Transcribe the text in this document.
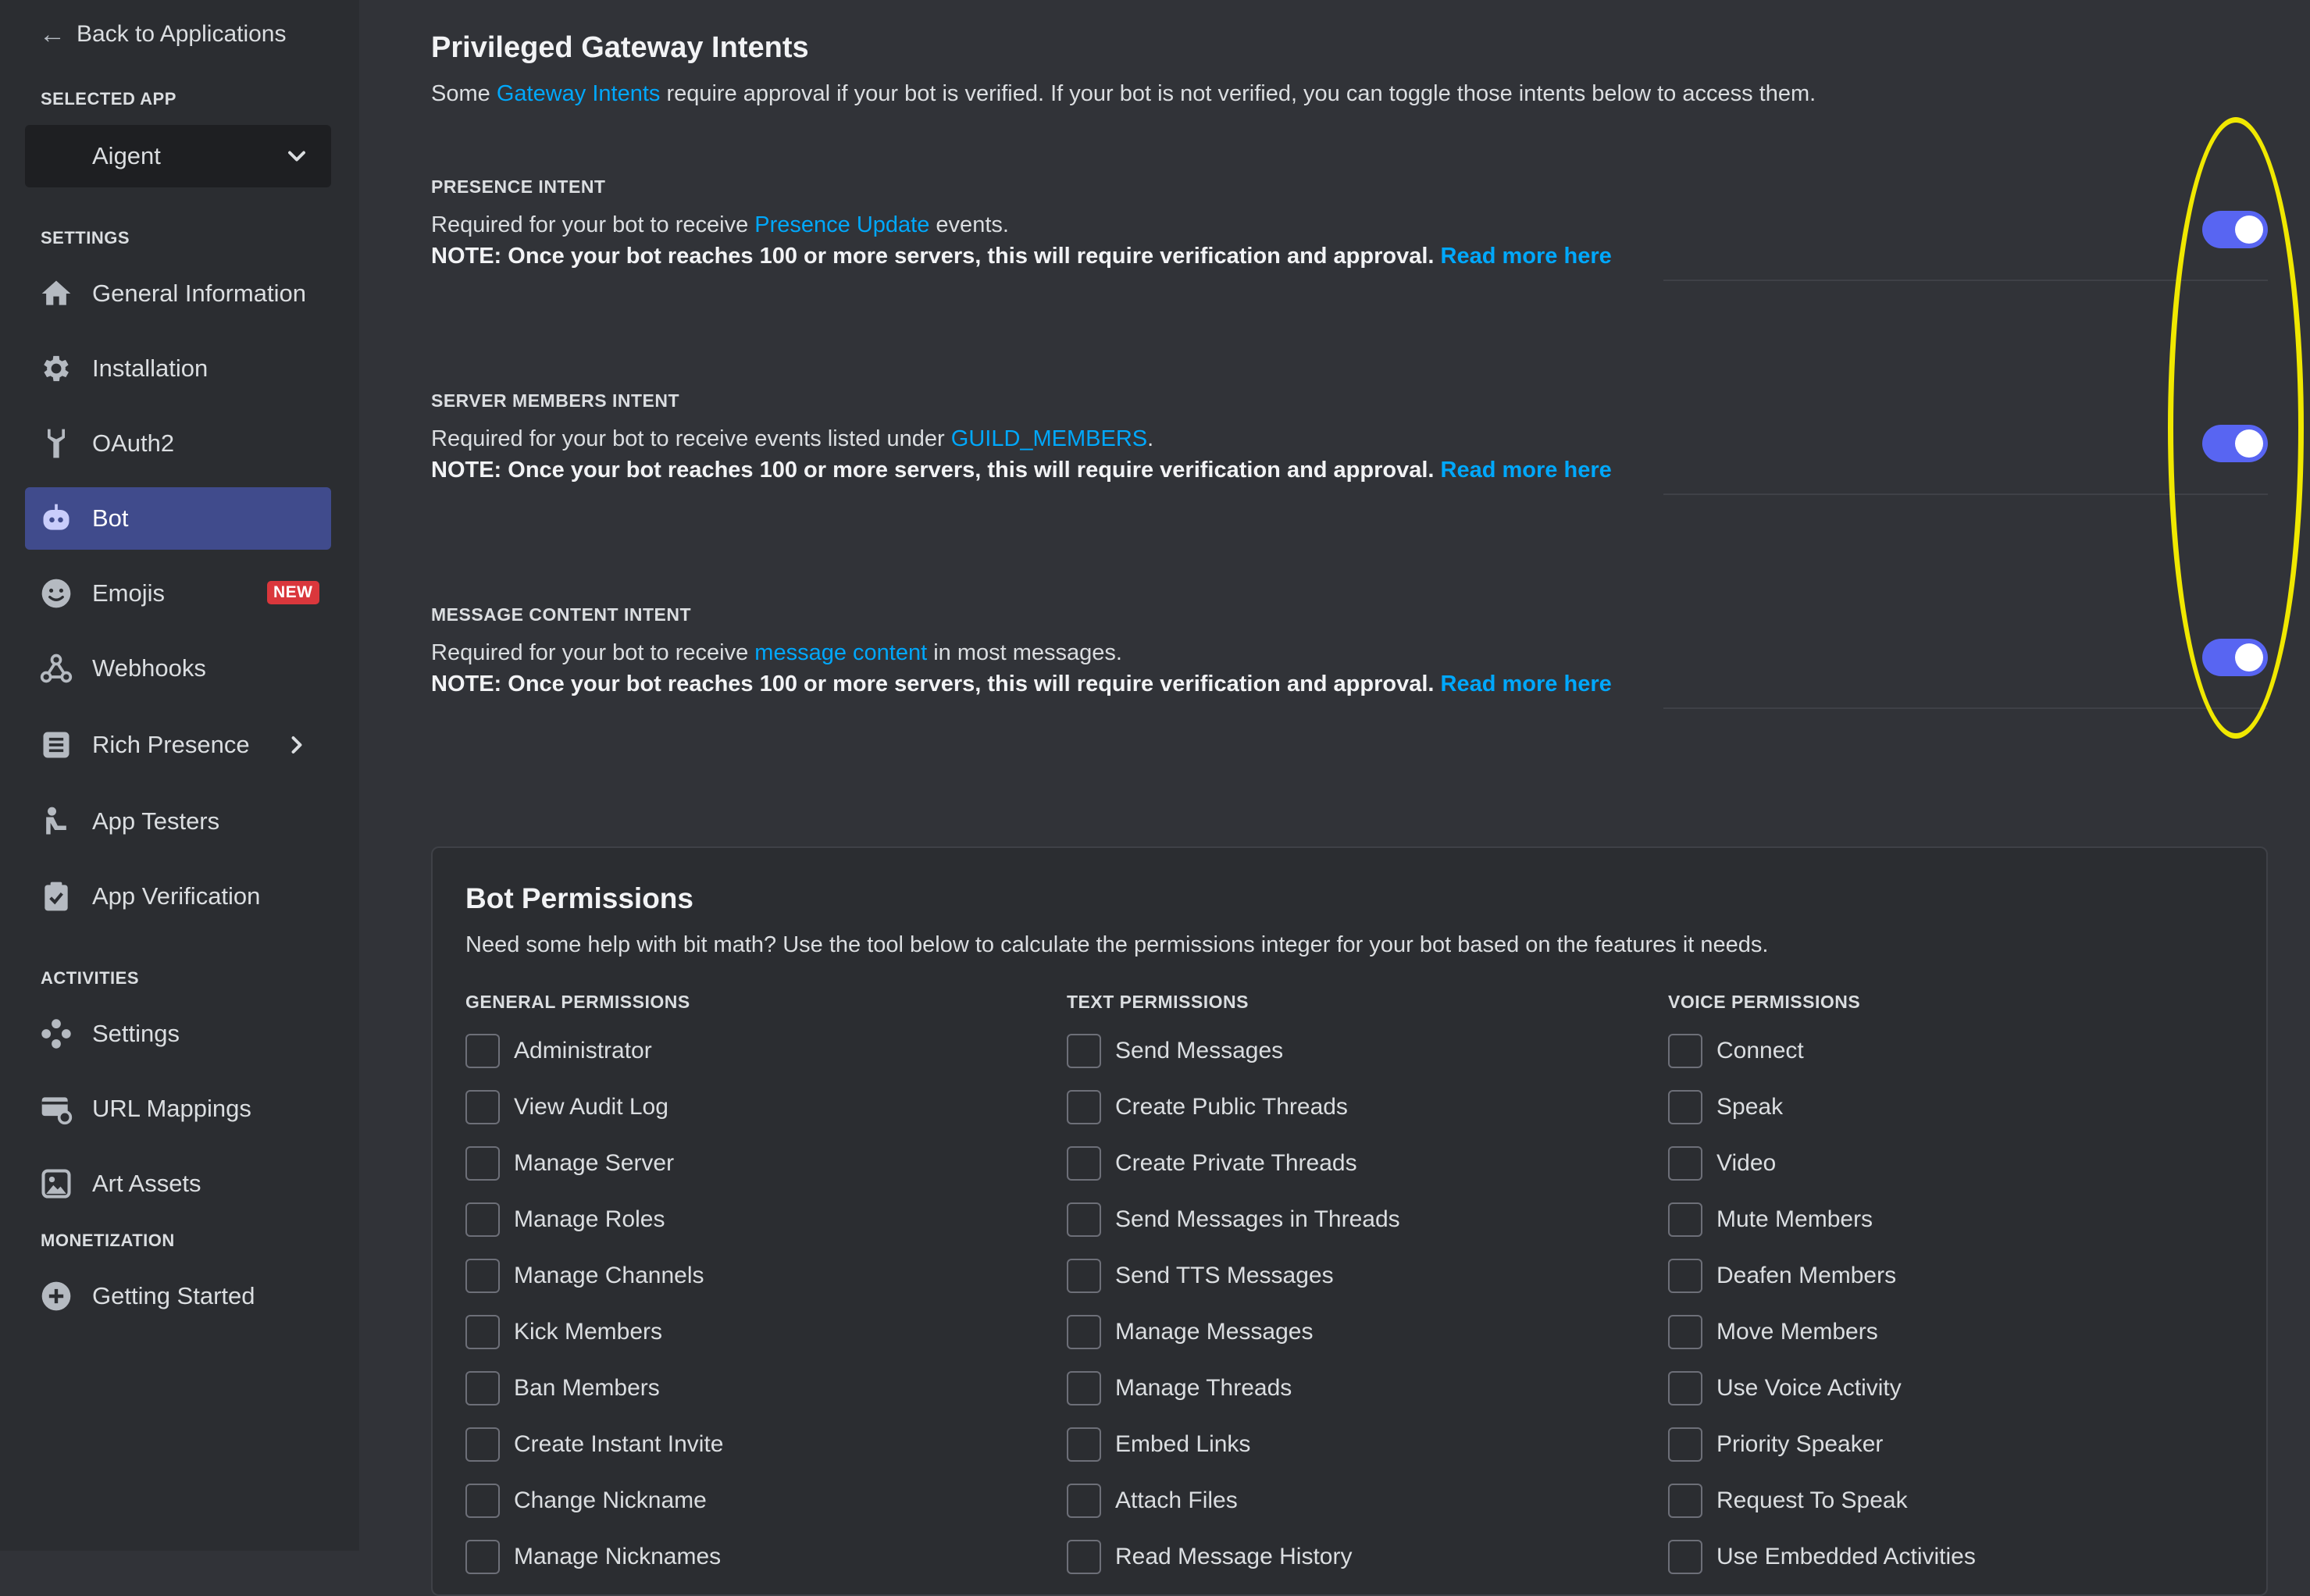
← Back to Applications
SELECTED APP
Aigent
SETTINGS
General Information
Installation
OAuth2
Bot
Emojis	NEW
Webhooks
Rich Presence
App Testers
App Verification
ACTIVITIES
Settings
URL Mappings
Art Assets
MONETIZATION
Getting Started
Privileged Gateway Intents
Some Gateway Intents require approval if your bot is verified. If your bot is not verified, you can toggle those intents below to access them.
PRESENCE INTENT
Required for your bot to receive Presence Update events.
NOTE: Once your bot reaches 100 or more servers, this will require verification and approval. Read more here
SERVER MEMBERS INTENT
Required for your bot to receive events listed under GUILD_MEMBERS.
NOTE: Once your bot reaches 100 or more servers, this will require verification and approval. Read more here
MESSAGE CONTENT INTENT
Required for your bot to receive message content in most messages.
NOTE: Once your bot reaches 100 or more servers, this will require verification and approval. Read more here
Bot Permissions
Need some help with bit math? Use the tool below to calculate the permissions integer for your bot based on the features it needs.
GENERAL PERMISSIONS
Administrator
View Audit Log
Manage Server
Manage Roles
Manage Channels
Kick Members
Ban Members
Create Instant Invite
Change Nickname
Manage Nicknames
TEXT PERMISSIONS
Send Messages
Create Public Threads
Create Private Threads
Send Messages in Threads
Send TTS Messages
Manage Messages
Manage Threads
Embed Links
Attach Files
Read Message History
VOICE PERMISSIONS
Connect
Speak
Video
Mute Members
Deafen Members
Move Members
Use Voice Activity
Priority Speaker
Request To Speak
Use Embedded Activities
